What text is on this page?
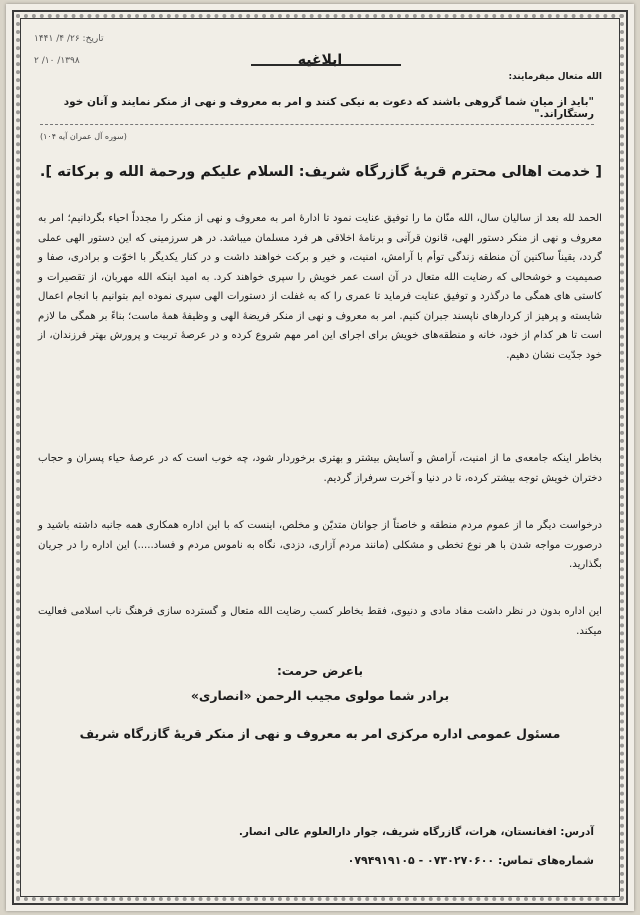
تاریخ: ۲۶/ ۴/ ۱۴۴۱
۱۳۹۸/ ۱۰/ ۲	ابلاغیه
الله متعال میفرمایند:
"باید از میان شما گروهی باشند که دعوت به نیکی کنند و امر به معروف و نهی از منکر نمایند و آنان خود رستگاراند."
(سوره آل عمران آیه ۱۰۴)
[ خدمت اهالی محترم قریهٔ گازرگاه شریف: السلام علیکم ورحمة الله و برکاته ].
الحمد لله بعد از سالیان سال، الله منّان ما را توفیق عنایت نمود تا ادارهٔ امر به معروف و نهی از منکر را مجدداً احیاء بگردانیم؛ امر به معروف و نهی از منکر دستور الهی، قانون قرآنی و برنامهٔ اخلاقی هر فرد مسلمان میباشد. در هر سرزمینی که این دستور الهی عملی گردد، یقیناً ساکنین آن منطقه زندگی توأم با آرامش، امنیت، و خیر و برکت خواهند داشت و در کنار یکدیگر با اخوّت و برادری، صفا و صمیمیت و خوشحالی که رضایت الله متعال در آن است عمر خویش را سپری خواهند کرد. به امید اینکه الله مهربان، از تقصیرات و کاستی های همگی ما درگذرد و توفیق عنایت فرماید تا عمری را که به غفلت از دستورات الهی سپری نموده ایم بتوانیم با انجام اعمال شایسته و پرهیز از کردارهای ناپسند جبران کنیم. امر به معروف و نهی از منکر فریضهٔ الهی و وظیفهٔ همهٔ ماست؛ بناءً بر همگی ما لازم است تا هر کدام از خود، خانه و منطقه‌های خویش برای اجرای این امر مهم شروع کرده و در عرصهٔ تربیت و پرورش بهتر فرزندان، از خود جدّیت نشان دهیم.
بخاطر اینکه جامعه‌ی ما از امنیت، آرامش و آسایش بیشتر و بهتری برخوردار شود، چه خوب است که در عرصهٔ حیاء پسران و حجاب دختران خویش توجه بیشتر کرده، تا در دنیا و آخرت سرفراز گردیم.
درخواست دیگر ما از عموم مردم منطقه و خاصتاً از جوانان متدیّن و مخلص، اینست که با این اداره همکاری همه جانبه داشته باشید و درصورت مواجه شدن با هر نوع تخطی و مشکلی (مانند مردم آزاری، دزدی، نگاه به ناموس مردم و فساد.....) این اداره را در جریان بگذارید.
این اداره بدون در نظر داشت مفاد مادی و دنیوی، فقط بخاطر کسب رضایت الله متعال و گسترده سازی فرهنگ ناب اسلامی فعالیت میکند.
باعرض حرمت:
برادر شما مولوی مجیب الرحمن «انصاری»
مسئول عمومی اداره مرکزی امر به معروف و نهی از منکر قریهٔ گازرگاه شریف
آدرس: افغانستان، هرات، گازرگاه شریف، جوار دارالعلوم عالی انصار.
شماره‌های تماس: ۰۷۳۰۲۷۰۶۰۰ - ۰۷۹۴۹۱۹۱۰۵
